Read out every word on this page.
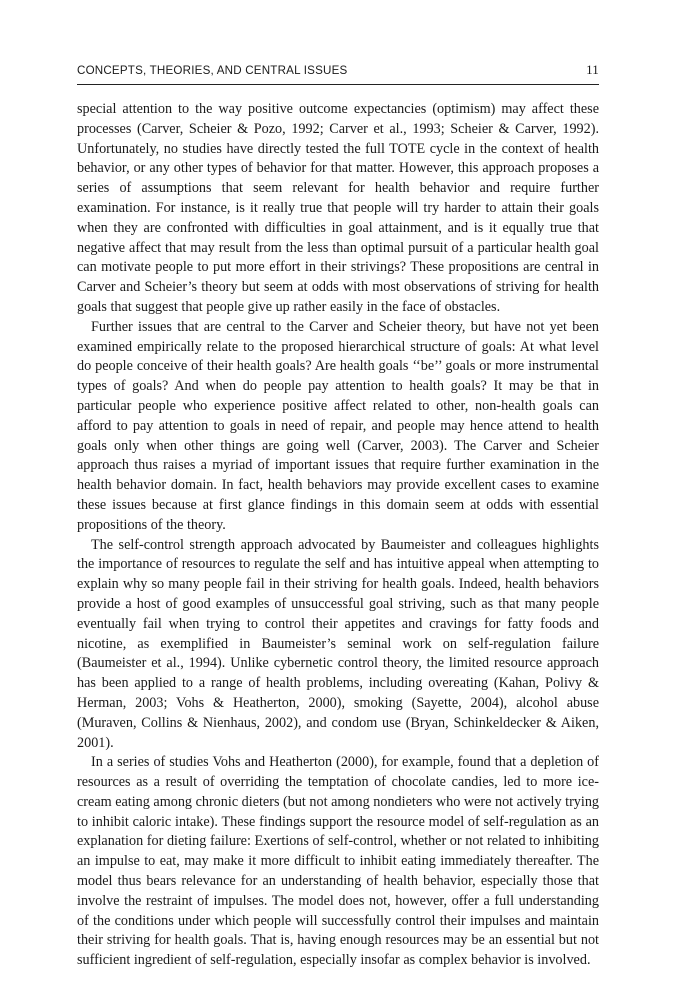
CONCEPTS, THEORIES, AND CENTRAL ISSUES	11

special attention to the way positive outcome expectancies (optimism) may affect these processes (Carver, Scheier & Pozo, 1992; Carver et al., 1993; Scheier & Carver, 1992). Unfortunately, no studies have directly tested the full TOTE cycle in the context of health behavior, or any other types of behavior for that matter. However, this approach proposes a series of assumptions that seem relevant for health behavior and require further examination. For instance, is it really true that people will try harder to attain their goals when they are confronted with difficulties in goal attainment, and is it equally true that negative affect that may result from the less than optimal pursuit of a particular health goal can motivate people to put more effort in their strivings? These propositions are central in Carver and Scheier’s theory but seem at odds with most observations of striving for health goals that suggest that people give up rather easily in the face of obstacles.

Further issues that are central to the Carver and Scheier theory, but have not yet been examined empirically relate to the proposed hierarchical structure of goals: At what level do people conceive of their health goals? Are health goals ‘‘be’’ goals or more instrumental types of goals? And when do people pay attention to health goals? It may be that in particular people who experience positive affect related to other, non-health goals can afford to pay attention to goals in need of repair, and people may hence attend to health goals only when other things are going well (Carver, 2003). The Carver and Scheier approach thus raises a myriad of important issues that require further examination in the health behavior domain. In fact, health behaviors may provide excellent cases to examine these issues because at first glance findings in this domain seem at odds with essential propositions of the theory.

The self-control strength approach advocated by Baumeister and colleagues highlights the importance of resources to regulate the self and has intuitive appeal when attempting to explain why so many people fail in their striving for health goals. Indeed, health behaviors provide a host of good examples of unsuccessful goal striving, such as that many people eventually fail when trying to control their appetites and cravings for fatty foods and nicotine, as exemplified in Baumeister’s seminal work on self-regulation failure (Baumeister et al., 1994). Unlike cybernetic control theory, the limited resource approach has been applied to a range of health problems, including overeating (Kahan, Polivy & Herman, 2003; Vohs & Heatherton, 2000), smoking (Sayette, 2004), alcohol abuse (Muraven, Collins & Nienhaus, 2002), and condom use (Bryan, Schinkeldecker & Aiken, 2001).

In a series of studies Vohs and Heatherton (2000), for example, found that a depletion of resources as a result of overriding the temptation of chocolate candies, led to more ice-cream eating among chronic dieters (but not among nondieters who were not actively trying to inhibit caloric intake). These findings support the resource model of self-regulation as an explanation for dieting failure: Exertions of self-control, whether or not related to inhibiting an impulse to eat, may make it more difficult to inhibit eating immediately thereafter. The model thus bears relevance for an understanding of health behavior, especially those that involve the restraint of impulses. The model does not, however, offer a full understanding of the conditions under which people will successfully control their impulses and maintain their striving for health goals. That is, having enough resources may be an essential but not sufficient ingredient of self-regulation, especially insofar as complex behavior is involved.
